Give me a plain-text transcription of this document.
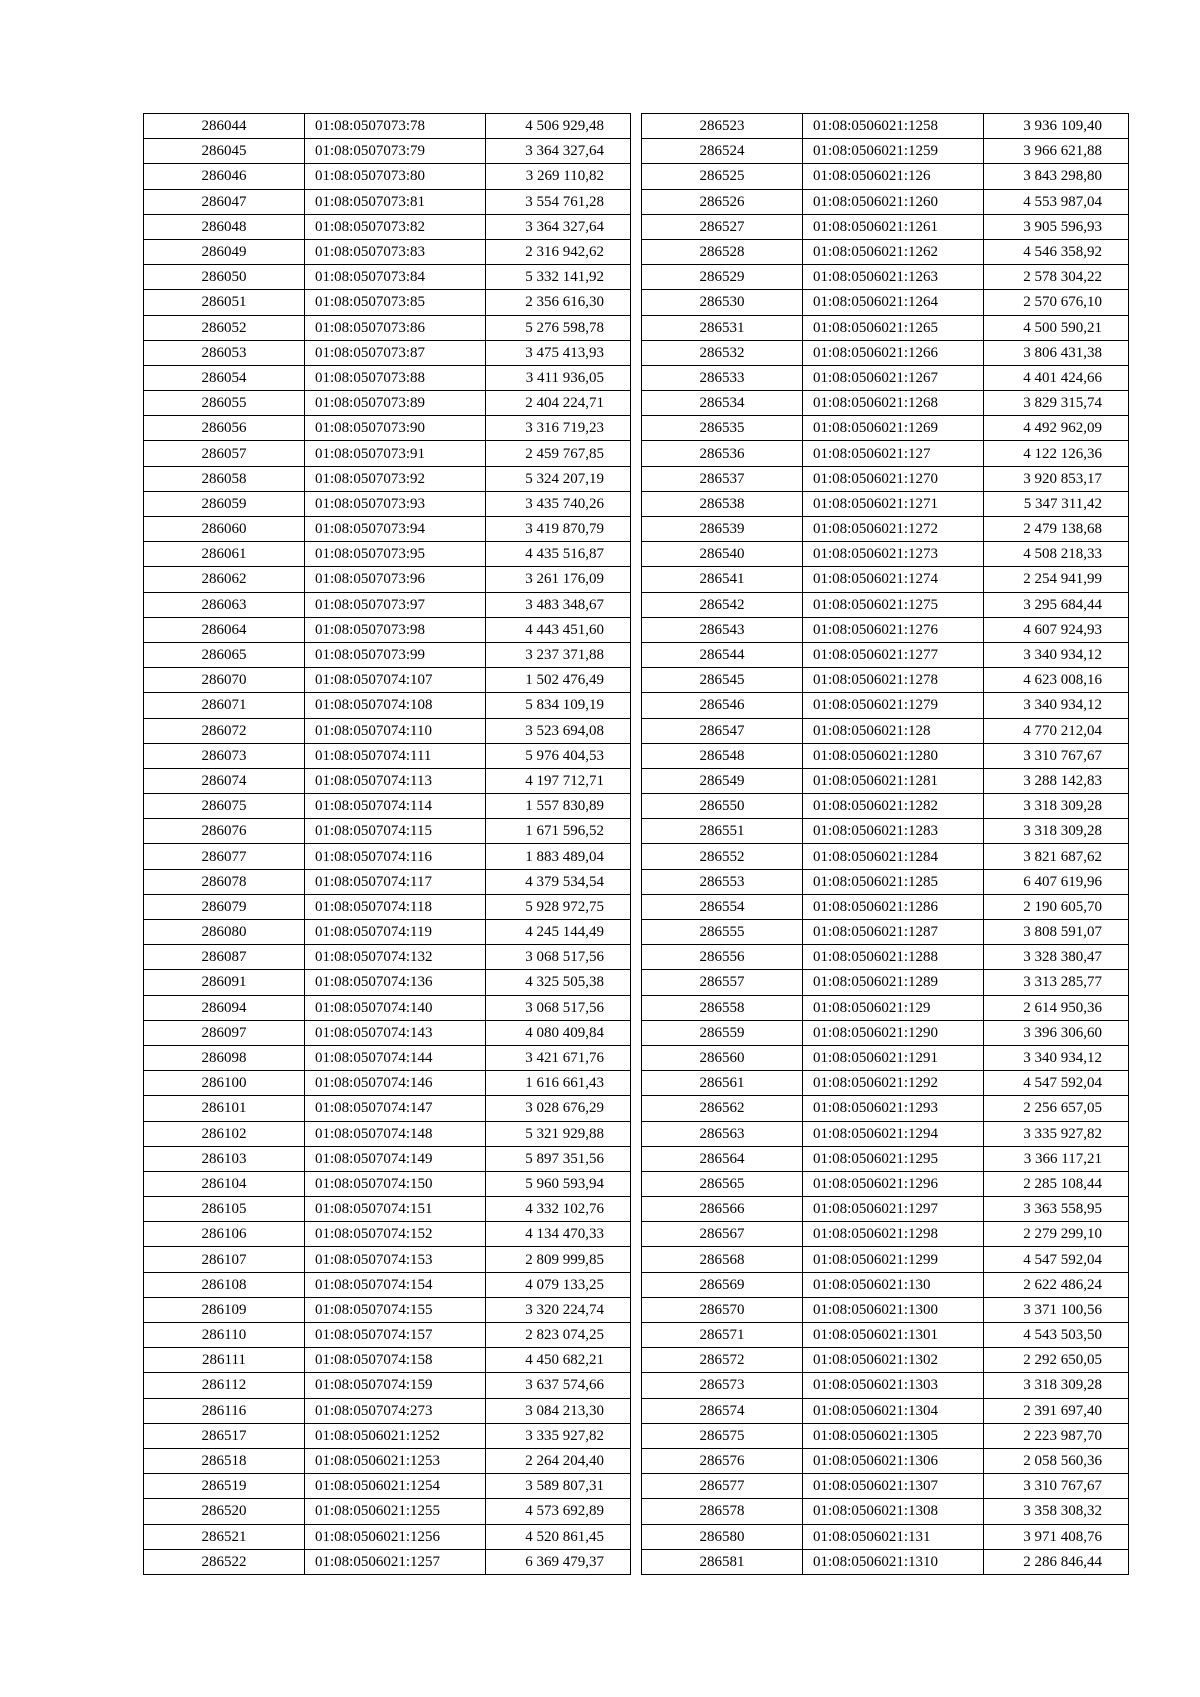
286044	01:08:0507073:78	4 506 929,48
286045	01:08:0507073:79	3 364 327,64
286046	01:08:0507073:80	3 269 110,82
286047	01:08:0507073:81	3 554 761,28
286048	01:08:0507073:82	3 364 327,64
286049	01:08:0507073:83	2 316 942,62
286050	01:08:0507073:84	5 332 141,92
286051	01:08:0507073:85	2 356 616,30
286052	01:08:0507073:86	5 276 598,78
286053	01:08:0507073:87	3 475 413,93
286054	01:08:0507073:88	3 411 936,05
286055	01:08:0507073:89	2 404 224,71
286056	01:08:0507073:90	3 316 719,23
286057	01:08:0507073:91	2 459 767,85
286058	01:08:0507073:92	5 324 207,19
286059	01:08:0507073:93	3 435 740,26
286060	01:08:0507073:94	3 419 870,79
286061	01:08:0507073:95	4 435 516,87
286062	01:08:0507073:96	3 261 176,09
286063	01:08:0507073:97	3 483 348,67
286064	01:08:0507073:98	4 443 451,60
286065	01:08:0507073:99	3 237 371,88
286070	01:08:0507074:107	1 502 476,49
286071	01:08:0507074:108	5 834 109,19
286072	01:08:0507074:110	3 523 694,08
286073	01:08:0507074:111	5 976 404,53
286074	01:08:0507074:113	4 197 712,71
286075	01:08:0507074:114	1 557 830,89
286076	01:08:0507074:115	1 671 596,52
286077	01:08:0507074:116	1 883 489,04
286078	01:08:0507074:117	4 379 534,54
286079	01:08:0507074:118	5 928 972,75
286080	01:08:0507074:119	4 245 144,49
286087	01:08:0507074:132	3 068 517,56
286091	01:08:0507074:136	4 325 505,38
286094	01:08:0507074:140	3 068 517,56
286097	01:08:0507074:143	4 080 409,84
286098	01:08:0507074:144	3 421 671,76
286100	01:08:0507074:146	1 616 661,43
286101	01:08:0507074:147	3 028 676,29
286102	01:08:0507074:148	5 321 929,88
286103	01:08:0507074:149	5 897 351,56
286104	01:08:0507074:150	5 960 593,94
286105	01:08:0507074:151	4 332 102,76
286106	01:08:0507074:152	4 134 470,33
286107	01:08:0507074:153	2 809 999,85
286108	01:08:0507074:154	4 079 133,25
286109	01:08:0507074:155	3 320 224,74
286110	01:08:0507074:157	2 823 074,25
286111	01:08:0507074:158	4 450 682,21
286112	01:08:0507074:159	3 637 574,66
286116	01:08:0507074:273	3 084 213,30
286517	01:08:0506021:1252	3 335 927,82
286518	01:08:0506021:1253	2 264 204,40
286519	01:08:0506021:1254	3 589 807,31
286520	01:08:0506021:1255	4 573 692,89
286521	01:08:0506021:1256	4 520 861,45
286522	01:08:0506021:1257	6 369 479,37
286523	01:08:0506021:1258	3 936 109,40
286524	01:08:0506021:1259	3 966 621,88
286525	01:08:0506021:126	3 843 298,80
286526	01:08:0506021:1260	4 553 987,04
286527	01:08:0506021:1261	3 905 596,93
286528	01:08:0506021:1262	4 546 358,92
286529	01:08:0506021:1263	2 578 304,22
286530	01:08:0506021:1264	2 570 676,10
286531	01:08:0506021:1265	4 500 590,21
286532	01:08:0506021:1266	3 806 431,38
286533	01:08:0506021:1267	4 401 424,66
286534	01:08:0506021:1268	3 829 315,74
286535	01:08:0506021:1269	4 492 962,09
286536	01:08:0506021:127	4 122 126,36
286537	01:08:0506021:1270	3 920 853,17
286538	01:08:0506021:1271	5 347 311,42
286539	01:08:0506021:1272	2 479 138,68
286540	01:08:0506021:1273	4 508 218,33
286541	01:08:0506021:1274	2 254 941,99
286542	01:08:0506021:1275	3 295 684,44
286543	01:08:0506021:1276	4 607 924,93
286544	01:08:0506021:1277	3 340 934,12
286545	01:08:0506021:1278	4 623 008,16
286546	01:08:0506021:1279	3 340 934,12
286547	01:08:0506021:128	4 770 212,04
286548	01:08:0506021:1280	3 310 767,67
286549	01:08:0506021:1281	3 288 142,83
286550	01:08:0506021:1282	3 318 309,28
286551	01:08:0506021:1283	3 318 309,28
286552	01:08:0506021:1284	3 821 687,62
286553	01:08:0506021:1285	6 407 619,96
286554	01:08:0506021:1286	2 190 605,70
286555	01:08:0506021:1287	3 808 591,07
286556	01:08:0506021:1288	3 328 380,47
286557	01:08:0506021:1289	3 313 285,77
286558	01:08:0506021:129	2 614 950,36
286559	01:08:0506021:1290	3 396 306,60
286560	01:08:0506021:1291	3 340 934,12
286561	01:08:0506021:1292	4 547 592,04
286562	01:08:0506021:1293	2 256 657,05
286563	01:08:0506021:1294	3 335 927,82
286564	01:08:0506021:1295	3 366 117,21
286565	01:08:0506021:1296	2 285 108,44
286566	01:08:0506021:1297	3 363 558,95
286567	01:08:0506021:1298	2 279 299,10
286568	01:08:0506021:1299	4 547 592,04
286569	01:08:0506021:130	2 622 486,24
286570	01:08:0506021:1300	3 371 100,56
286571	01:08:0506021:1301	4 543 503,50
286572	01:08:0506021:1302	2 292 650,05
286573	01:08:0506021:1303	3 318 309,28
286574	01:08:0506021:1304	2 391 697,40
286575	01:08:0506021:1305	2 223 987,70
286576	01:08:0506021:1306	2 058 560,36
286577	01:08:0506021:1307	3 310 767,67
286578	01:08:0506021:1308	3 358 308,32
286580	01:08:0506021:131	3 971 408,76
286581	01:08:0506021:1310	2 286 846,44
